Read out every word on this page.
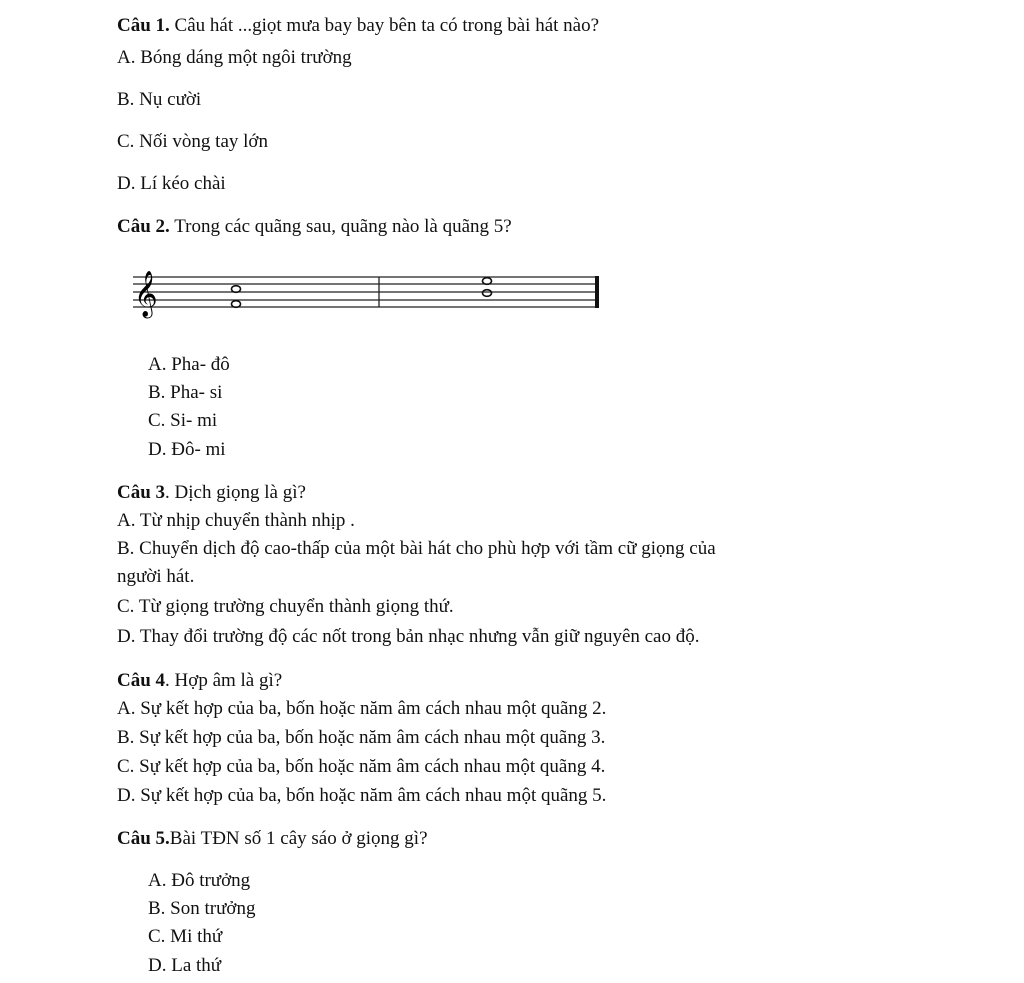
Câu 1. Câu hát ...giọt mưa bay bay bên ta có trong bài hát nào?
A. Bóng dáng một ngôi trường
B. Nụ cười
C. Nối vòng tay lớn
D. Lí kéo chài
Câu 2. Trong các quãng sau, quãng nào là quãng 5?
𝄞
A. Pha- đô
B. Pha- si
C. Si- mi
D. Đô- mi
Câu 3. Dịch giọng là gì?
A. Từ nhịp chuyển thành nhịp .
B. Chuyển dịch độ cao-thấp của một bài hát cho phù hợp với tầm cữ giọng của
người hát.
C. Từ giọng trường chuyển thành giọng thứ.
D. Thay đổi trường độ các nốt trong bản nhạc nhưng vẫn giữ nguyên cao độ.
Câu 4. Hợp âm là gì?
A. Sự kết hợp của ba, bốn hoặc năm âm cách nhau một quãng 2.
B. Sự kết hợp của ba, bốn hoặc năm âm cách nhau một quãng 3.
C. Sự kết hợp của ba, bốn hoặc năm âm cách nhau một quãng 4.
D. Sự kết hợp của ba, bốn hoặc năm âm cách nhau một quãng 5.
Câu 5.Bài TĐN số 1 cây sáo ở giọng gì?
A. Đô trưởng
B. Son trưởng
C. Mi thứ
D. La thứ
